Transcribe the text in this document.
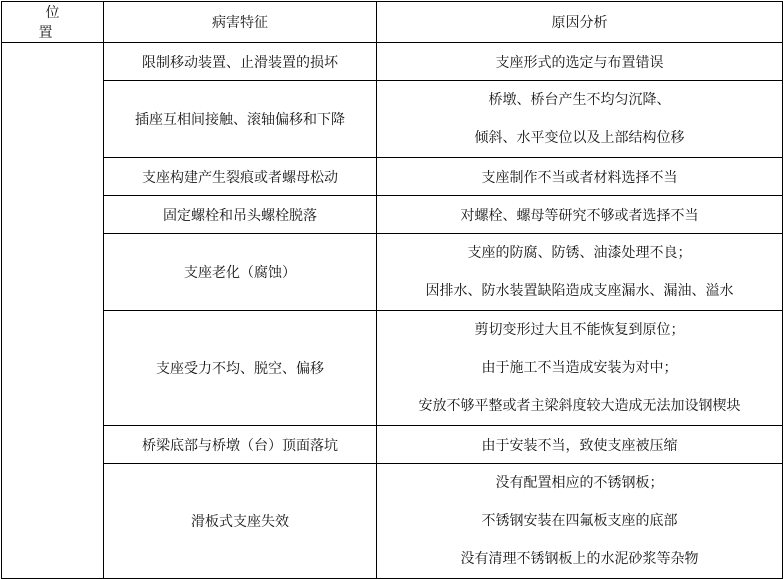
位　置	病害特征	原因分析
	限制移动装置、止滑装置的损坏	支座形式的选定与布置错误

	插座互相间接触、滚轴偏移和下降	桥墩、桥台产生不均匀沉降、
倾斜、水平变位以及上部结构位移

	支座构建产生裂痕或者螺母松动	支座制作不当或者材料选择不当

	固定螺栓和吊头螺栓脱落	对螺栓、螺母等研究不够或者选择不当

	支座老化（腐蚀）	支座的防腐、防锈、油漆处理不良；
因排水、防水装置缺陷造成支座漏水、漏油、溢水

	支座受力不均、脱空、偏移	剪切变形过大且不能恢复到原位；
由于施工不当造成安装为对中；
安放不够平整或者主梁斜度较大造成无法加设钢楔块

	桥梁底部与桥墩（台）顶面落坑	由于安装不当，致使支座被压缩

	滑板式支座失效	没有配置相应的不锈钢板；
不锈钢安装在四氟板支座的底部
没有清理不锈钢板上的水泥砂浆等杂物
